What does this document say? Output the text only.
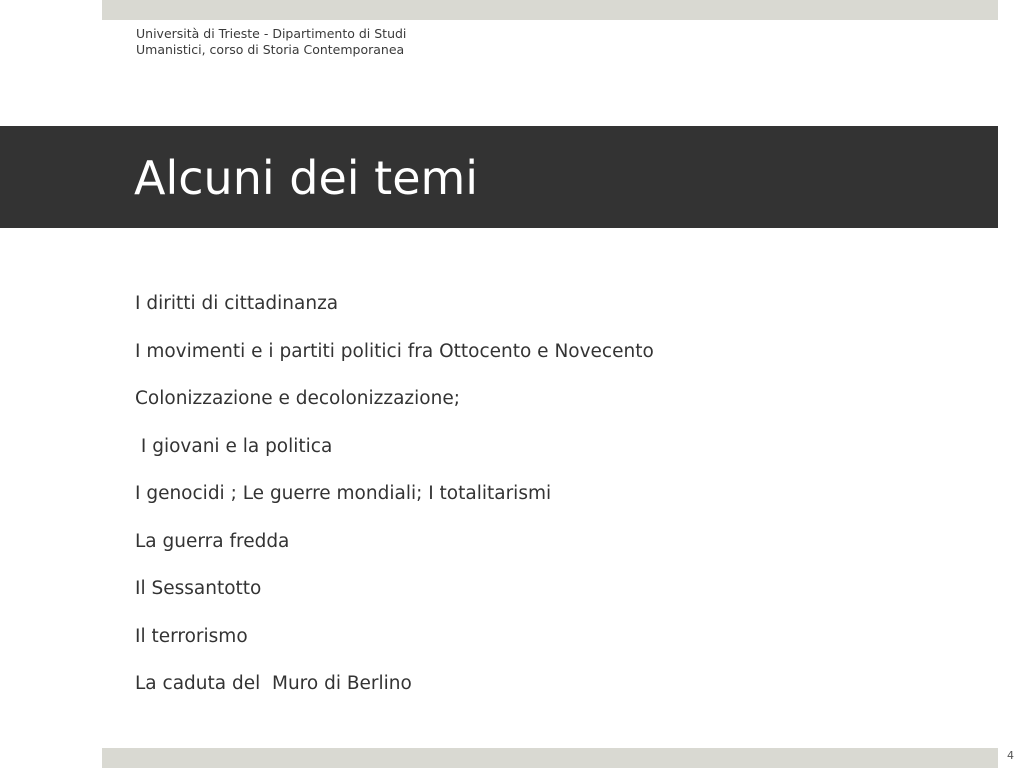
Università di Trieste - Dipartimento di Studi
Umanistici, corso di Storia Contemporanea
Alcuni dei temi
I diritti di cittadinanza
I movimenti e i partiti politici fra Ottocento e Novecento
Colonizzazione e decolonizzazione;
I giovani e la politica
I genocidi ; Le guerre mondiali; I totalitarismi
La guerra fredda
Il Sessantotto
Il terrorismo
La caduta del  Muro di Berlino
4
